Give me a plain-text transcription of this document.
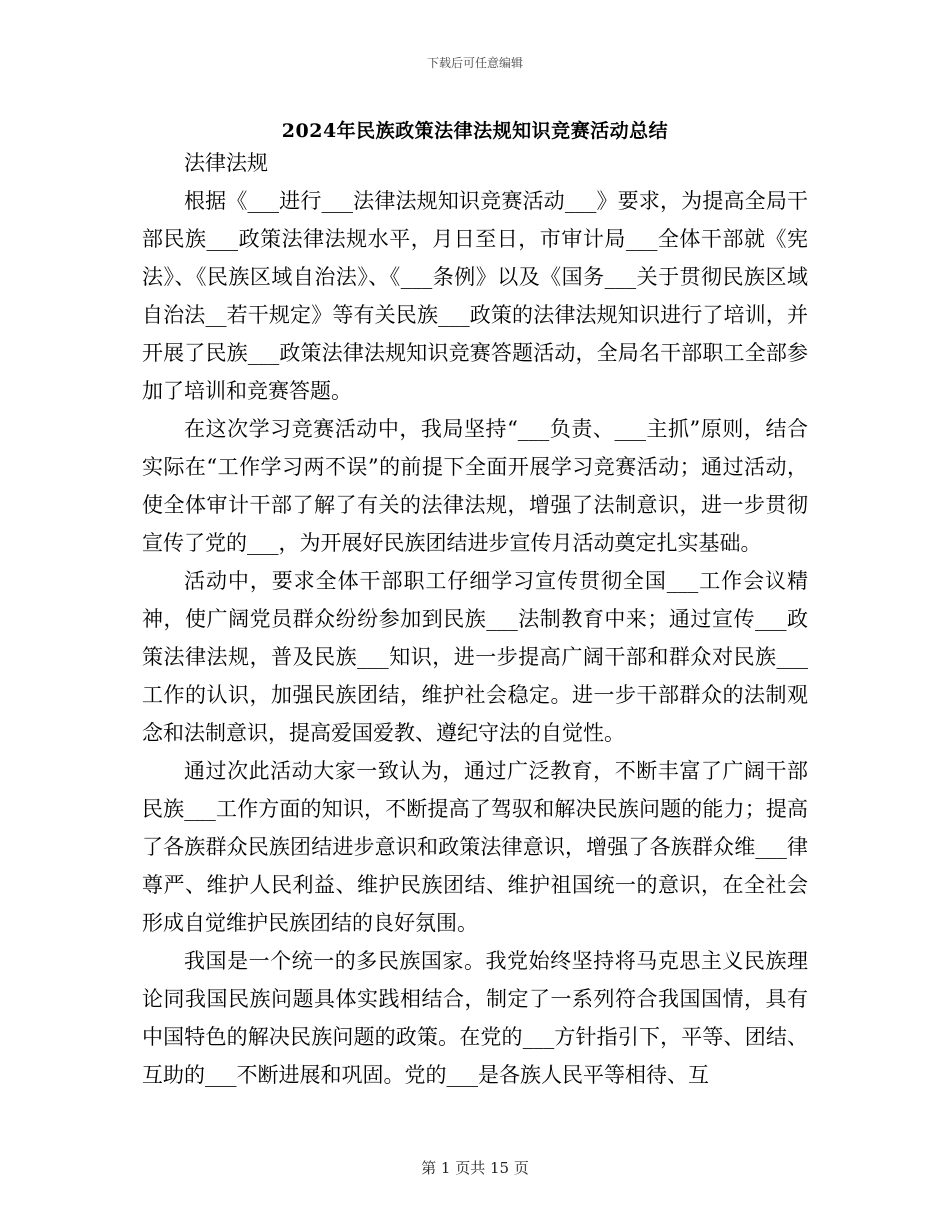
下载后可任意编辑
2024年民族政策法律法规知识竞赛活动总结

法律法规

根据《___进行___法律法规知识竞赛活动___》要求，为提高全局干部民族___政策法律法规水平，月日至日，市审计局___全体干部就《宪法》、《民族区域自治法》、《___条例》以及《国务___关于贯彻民族区域自治法__若干规定》等有关民族___政策的法律法规知识进行了培训，并开展了民族___政策法律法规知识竞赛答题活动，全局名干部职工全部参加了培训和竞赛答题。

在这次学习竞赛活动中，我局坚持“___负责、___主抓”原则，结合实际在“工作学习两不误”的前提下全面开展学习竞赛活动；通过活动，使全体审计干部了解了有关的法律法规，增强了法制意识，进一步贯彻宣传了党的___，为开展好民族团结进步宣传月活动奠定扎实基础。

活动中，要求全体干部职工仔细学习宣传贯彻全国___工作会议精神，使广阔党员群众纷纷参加到民族___法制教育中来；通过宣传___政策法律法规，普及民族___知识，进一步提高广阔干部和群众对民族___工作的认识，加强民族团结，维护社会稳定。进一步干部群众的法制观念和法制意识，提高爱国爱教、遵纪守法的自觉性。

通过次此活动大家一致认为，通过广泛教育，不断丰富了广阔干部民族___工作方面的知识，不断提高了驾驭和解决民族问题的能力；提高了各族群众民族团结进步意识和政策法律意识，增强了各族群众维___律尊严、维护人民利益、维护民族团结、维护祖国统一的意识，在全社会形成自觉维护民族团结的良好氛围。

我国是一个统一的多民族国家。我党始终坚持将马克思主义民族理论同我国民族问题具体实践相结合，制定了一系列符合我国国情，具有中国特色的解决民族问题的政策。在党的___方针指引下，平等、团结、互助的___不断进展和巩固。党的___是各族人民平等相待、互

第 1 页共 15 页
